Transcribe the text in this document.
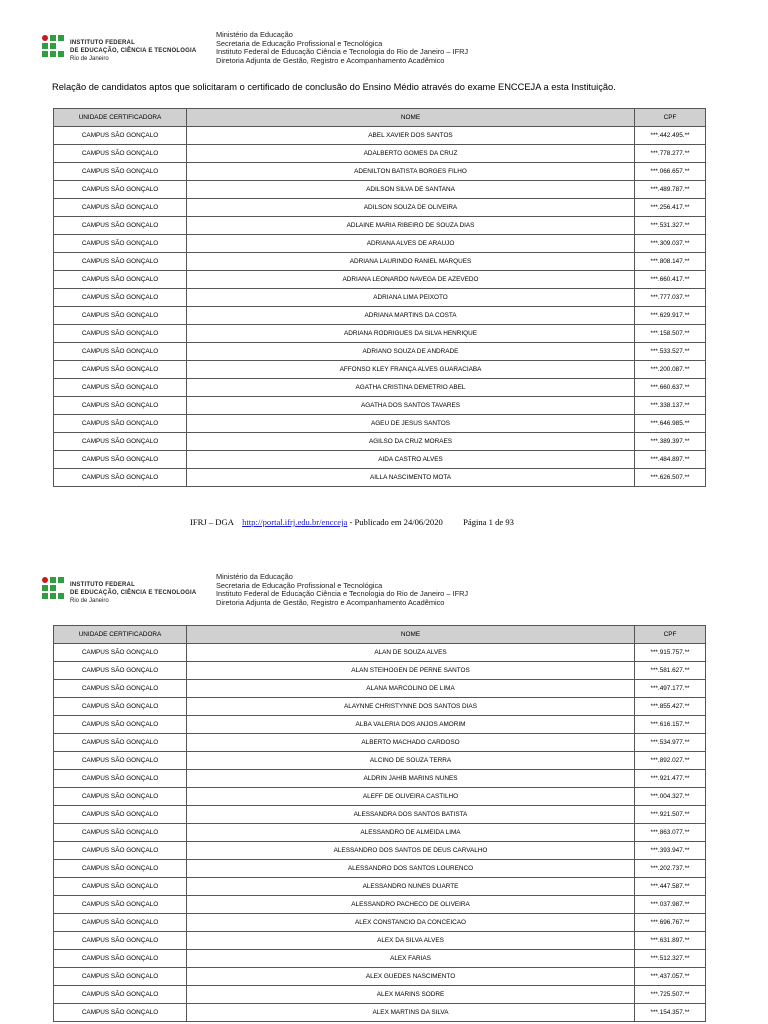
INSTITUTO FEDERAL
DE EDUCAÇÃO, CIÊNCIA E TECNOLOGIA
Rio de Janeiro
Ministério da Educação
Secretaria de Educação Profissional e Tecnológica
Instituto Federal de Educação Ciência e Tecnologia do Rio de Janeiro – IFRJ
Diretoria Adjunta de Gestão, Registro e Acompanhamento Acadêmico
Relação de candidatos aptos que solicitaram o certificado de conclusão do Ensino Médio através do exame ENCCEJA a esta Instituição.
UNIDADE CERTIFICADORA	NOME	CPF
CAMPUS SÃO GONÇALO	ABEL XAVIER DOS SANTOS	***.442.495.**
CAMPUS SÃO GONÇALO	ADALBERTO GOMES DA CRUZ	***.778.277.**
CAMPUS SÃO GONÇALO	ADENILTON BATISTA BORGES FILHO	***.066.657.**
CAMPUS SÃO GONÇALO	ADILSON SILVA DE SANTANA	***.489.787.**
CAMPUS SÃO GONÇALO	ADILSON SOUZA DE OLIVEIRA	***.256.417.**
CAMPUS SÃO GONÇALO	ADLAINE MARIA RIBEIRO DE SOUZA DIAS	***.531.327.**
CAMPUS SÃO GONÇALO	ADRIANA ALVES DE ARAUJO	***.309.037.**
CAMPUS SÃO GONÇALO	ADRIANA LAURINDO RANIEL MARQUES	***.808.147.**
CAMPUS SÃO GONÇALO	ADRIANA LEONARDO NAVEGA DE AZEVEDO	***.660.417.**
CAMPUS SÃO GONÇALO	ADRIANA LIMA PEIXOTO	***.777.037.**
CAMPUS SÃO GONÇALO	ADRIANA MARTINS DA COSTA	***.629.917.**
CAMPUS SÃO GONÇALO	ADRIANA RODRIGUES DA SILVA HENRIQUE	***.158.507.**
CAMPUS SÃO GONÇALO	ADRIANO SOUZA DE ANDRADE	***.533.527.**
CAMPUS SÃO GONÇALO	AFFONSO KLEY FRANÇA ALVES GUARACIABA	***.200.087.**
CAMPUS SÃO GONÇALO	AGATHA CRISTINA DEMETRIO ABEL	***.660.637.**
CAMPUS SÃO GONÇALO	AGATHA DOS SANTOS TAVARES	***.338.137.**
CAMPUS SÃO GONÇALO	AGEU DE JESUS SANTOS	***.646.985.**
CAMPUS SÃO GONÇALO	AGILSO DA CRUZ MORAES	***.389.397.**
CAMPUS SÃO GONÇALO	AIDA CASTRO ALVES	***.484.897.**
CAMPUS SÃO GONÇALO	AILLA NASCIMENTO MOTA	***.626.507.**
IFRJ – DGA http://portal.ifrj.edu.br/encceja - Publicado em 24/06/2020 Página 1 de 93
INSTITUTO FEDERAL
DE EDUCAÇÃO, CIÊNCIA E TECNOLOGIA
Rio de Janeiro
Ministério da Educação
Secretaria de Educação Profissional e Tecnológica
Instituto Federal de Educação Ciência e Tecnologia do Rio de Janeiro – IFRJ
Diretoria Adjunta de Gestão, Registro e Acompanhamento Acadêmico
UNIDADE CERTIFICADORA	NOME	CPF
CAMPUS SÃO GONÇALO	ALAN DE SOUZA ALVES	***.915.757.**
CAMPUS SÃO GONÇALO	ALAN STEIHOGEN DE PERNE SANTOS	***.581.627.**
CAMPUS SÃO GONÇALO	ALANA MARCOLINO DE LIMA	***.497.177.**
CAMPUS SÃO GONÇALO	ALAYNNE CHRISTYNNE DOS SANTOS DIAS	***.855.427.**
CAMPUS SÃO GONÇALO	ALBA VALERIA DOS ANJOS AMORIM	***.616.157.**
CAMPUS SÃO GONÇALO	ALBERTO MACHADO CARDOSO	***.534.977.**
CAMPUS SÃO GONÇALO	ALCINO DE SOUZA TERRA	***.892.027.**
CAMPUS SÃO GONÇALO	ALDRIN JAHIB MARINS NUNES	***.921.477.**
CAMPUS SÃO GONÇALO	ALEFF DE OLIVEIRA CASTILHO	***.004.327.**
CAMPUS SÃO GONÇALO	ALESSANDRA DOS SANTOS BATISTA	***.921.507.**
CAMPUS SÃO GONÇALO	ALESSANDRO DE ALMEIDA LIMA	***.863.077.**
CAMPUS SÃO GONÇALO	ALESSANDRO DOS SANTOS DE DEUS CARVALHO	***.393.947.**
CAMPUS SÃO GONÇALO	ALESSANDRO DOS SANTOS LOURENCO	***.202.737.**
CAMPUS SÃO GONÇALO	ALESSANDRO NUNES DUARTE	***.447.587.**
CAMPUS SÃO GONÇALO	ALESSANDRO PACHECO DE OLIVEIRA	***.037.987.**
CAMPUS SÃO GONÇALO	ALEX CONSTANCIO DA CONCEICAO	***.696.767.**
CAMPUS SÃO GONÇALO	ALEX DA SILVA ALVES	***.631.897.**
CAMPUS SÃO GONÇALO	ALEX FARIAS	***.512.327.**
CAMPUS SÃO GONÇALO	ALEX GUEDES NASCIMENTO	***.437.057.**
CAMPUS SÃO GONÇALO	ALEX MARINS SODRE	***.725.507.**
CAMPUS SÃO GONÇALO	ALEX MARTINS DA SILVA	***.154.357.**
